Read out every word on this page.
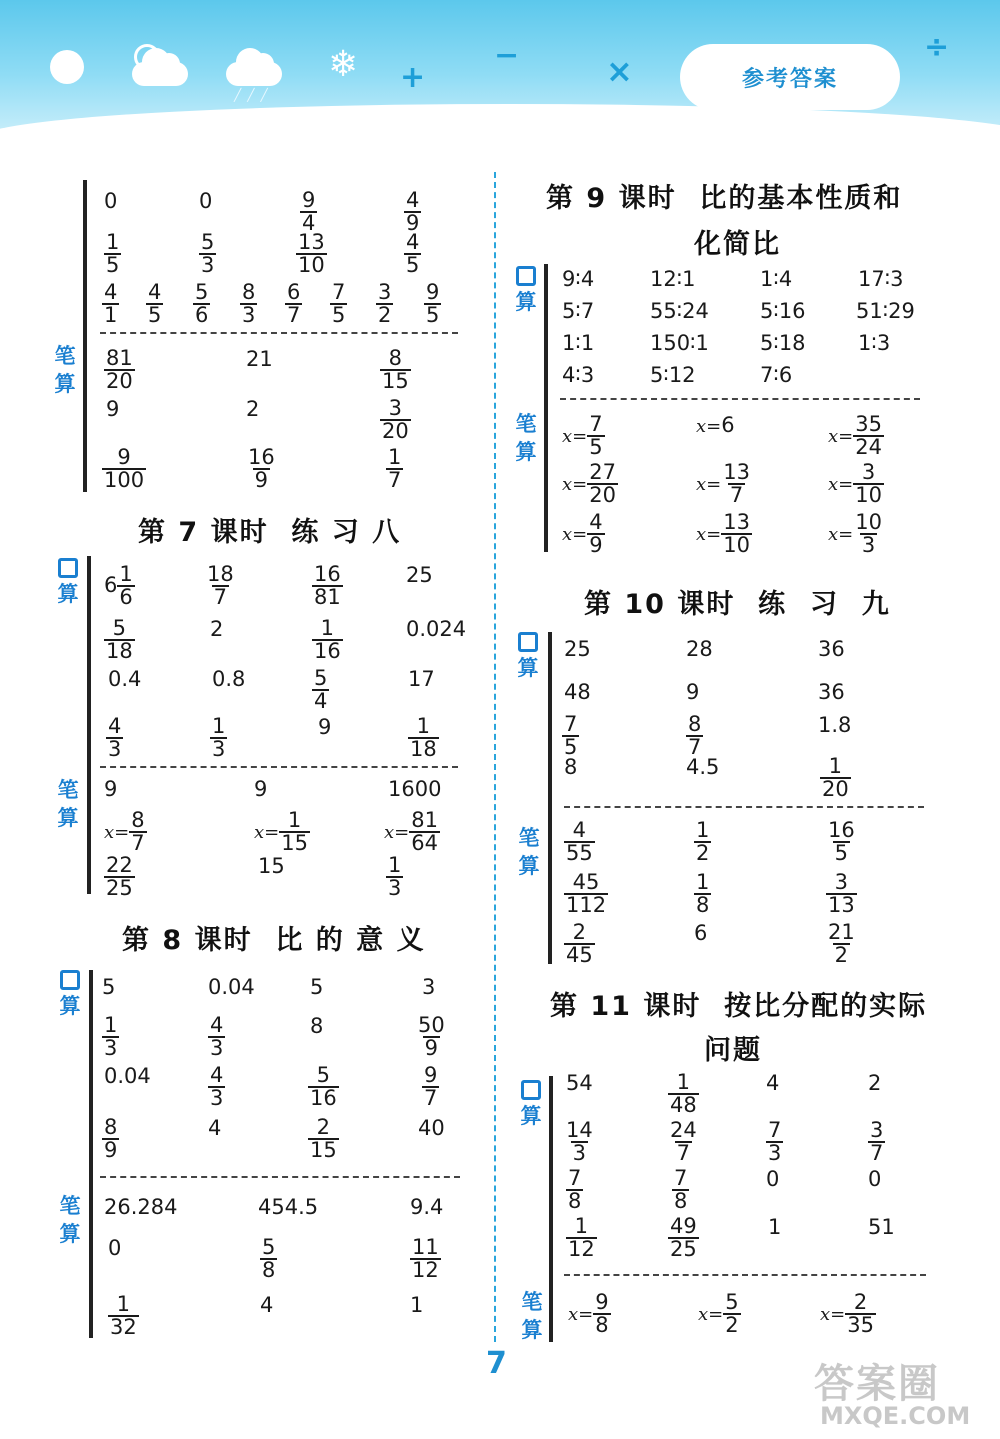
╱╱╱
❄ +
−	×
÷
参考答案
0	0	$\frac{9}{4}$	$\frac{4}{9}$
$\frac{1}{5}$	$\frac{5}{3}$	$\frac{13}{10}$	$\frac{4}{5}$
$\frac{4}{1} \frac{4}{5} \frac{5}{6} \frac{8}{3} \frac{6}{7} \frac{7}{5} \frac{3}{2} \frac{9}{5}$
笔
算 $\frac{81}{20}$	21	$\frac{8}{15}$
9	2	$\frac{3}{20}$
$\frac{9}{100}$	$\frac{16}{9}$	$\frac{1}{7}$
第 7 课时  练 习 八
算 $6 \frac{1}{6}$	$\frac{18}{7}$	$\frac{16}{81}$	25
$\frac{5}{18}$	2	$\frac{1}{16}$	0.024
0.4	0.8	$\frac{5}{4}$	17
$\frac{4}{3}$	$\frac{1}{3}$	9	$\frac{1}{18}$
笔
算
9	9	1600
$x= \frac{8}{7}$	$x= \frac{1}{15}$	$x= \frac{81}{64}$
$\frac{22}{25}$	15	$\frac{1}{3}$
第 8 课时  比 的 意 义
算
5	0.04	5	3
$\frac{1}{3}$	$\frac{4}{3}$	8	$\frac{50}{9}$
0.04	$\frac{4}{3}$	$\frac{5}{16}$	$\frac{9}{7}$
$\frac{8}{9}$	4	$\frac{2}{15}$	40
笔
算
26.284	454.5	9.4
0	$\frac{5}{8}$	$\frac{11}{12}$
$\frac{1}{32}$	4	1
第 9 课时  比的基本性质和
化简比
算
9∶4	12∶1	1∶4	17∶3
5∶7	55∶24 5∶16 51∶29
1∶1	150∶1 5∶18 1∶3
4∶3	5∶12	7∶6
笔
算
$x= \frac{7}{5}$	x=6	$x= \frac{35}{24}$
$x= \frac{27}{20}$	$x= \frac{13}{7}$	$x= \frac{3}{10}$
$x= \frac{4}{9}$	$x= \frac{13}{10}$	$x= \frac{10}{3}$
第 10 课时  练  习  九
算
25	28	36
48	9	36
$\frac{7}{5}$	$\frac{8}{7}$	1.8
8	4.5	$\frac{1}{20}$
笔
算
$\frac{4}{55}$	$\frac{1}{2}$	$\frac{16}{5}$
$\frac{45}{112}$	$\frac{1}{8}$	$\frac{3}{13}$
$\frac{2}{45}$	6	$\frac{21}{2}$
第 11 课时  按比分配的实际
问题
算
54	$\frac{1}{48}$	4	2
$\frac{14}{3}$	$\frac{24}{7}$	$\frac{7}{3}$	$\frac{3}{7}$
$\frac{7}{8}$	$\frac{7}{8}$	0	0
$\frac{1}{12}$	$\frac{49}{25}$	1	51
笔
算
$x= \frac{9}{8}$	$x= \frac{5}{2}$	$x= \frac{2}{35}$
7	答案圈
MXQE.COM
